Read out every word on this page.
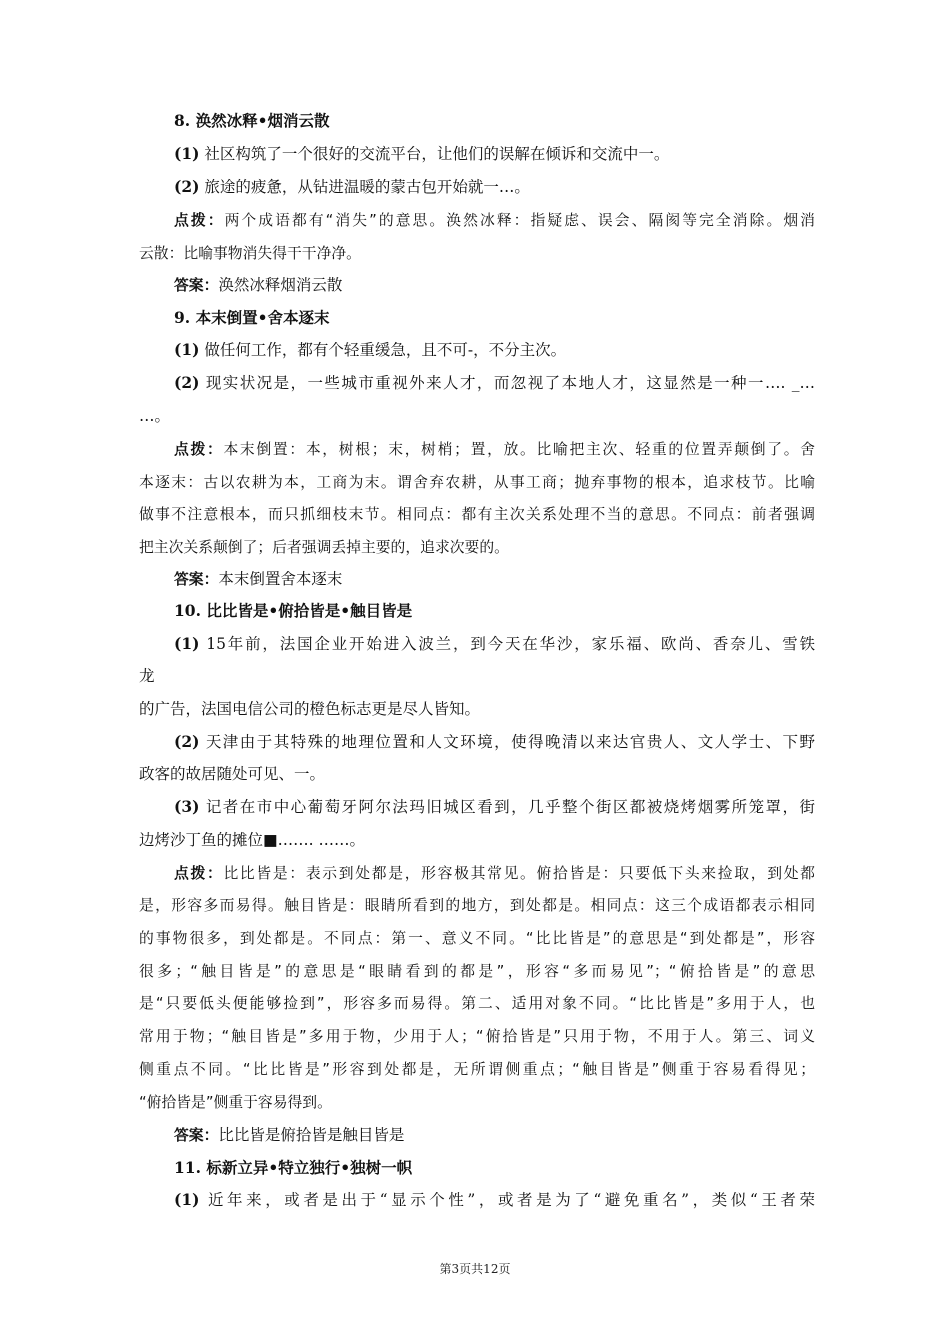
8. 涣然冰释•烟消云散
(1) 社区构筑了一个很好的交流平台，让他们的误解在倾诉和交流中一。
(2) 旅途的疲惫，从钻进温暖的蒙古包开始就一…。
点拨：两个成语都有“消失”的意思。涣然冰释：指疑虑、误会、隔阂等完全消除。烟消
云散：比喻事物消失得干干净净。
答案：涣然冰释烟消云散
9. 本末倒置•舍本逐末
(1) 做任何工作，都有个轻重缓急，且不可-，不分主次。
(2) 现实状况是，一些城市重视外来人才，而忽视了本地人才，这显然是一种一…. _…
…。
点拨：本末倒置：本，树根；末，树梢；置，放。比喻把主次、轻重的位置弄颠倒了。舍
本逐末：古以农耕为本，工商为末。谓舍弃农耕，从事工商；抛弃事物的根本，追求枝节。比喻
做事不注意根本，而只抓细枝末节。相同点：都有主次关系处理不当的意思。不同点：前者强调
把主次关系颠倒了；后者强调丢掉主要的，追求次要的。
答案：本末倒置舍本逐末
10. 比比皆是•俯拾皆是•触目皆是
(1) 15年前，法国企业开始进入波兰，到今天在华沙，家乐福、欧尚、香奈儿、雪铁
龙
的广告，法国电信公司的橙色标志更是尽人皆知。
(2) 天津由于其特殊的地理位置和人文环境，使得晚清以来达官贵人、文人学士、下野
政客的故居随处可见、一。
(3) 记者在市中心葡萄牙阿尔法玛旧城区看到，几乎整个街区都被烧烤烟雾所笼罩，街
边烤沙丁鱼的摊位■……. ……。
点拨：比比皆是：表示到处都是，形容极其常见。俯拾皆是：只要低下头来捡取，到处都
是，形容多而易得。触目皆是：眼睛所看到的地方，到处都是。相同点：这三个成语都表示相同
的事物很多，到处都是。不同点：第一、意义不同。“比比皆是”的意思是“到处都是”，形容
很多；“触目皆是”的意思是“眼睛看到的都是”，形容“多而易见”；“俯拾皆是”的意思
是“只要低头便能够捡到”，形容多而易得。第二、适用对象不同。“比比皆是”多用于人，也
常用于物；“触目皆是”多用于物，少用于人；“俯拾皆是”只用于物，不用于人。第三、词义
侧重点不同。“比比皆是”形容到处都是，无所谓侧重点；“触目皆是”侧重于容易看得见；
“俯拾皆是”侧重于容易得到。
答案：比比皆是俯拾皆是触目皆是
11. 标新立异•特立独行•独树一帜
(1) 近年来，或者是出于“显示个性”，或者是为了“避免重名”，类似“王者荣
第3页共12页
